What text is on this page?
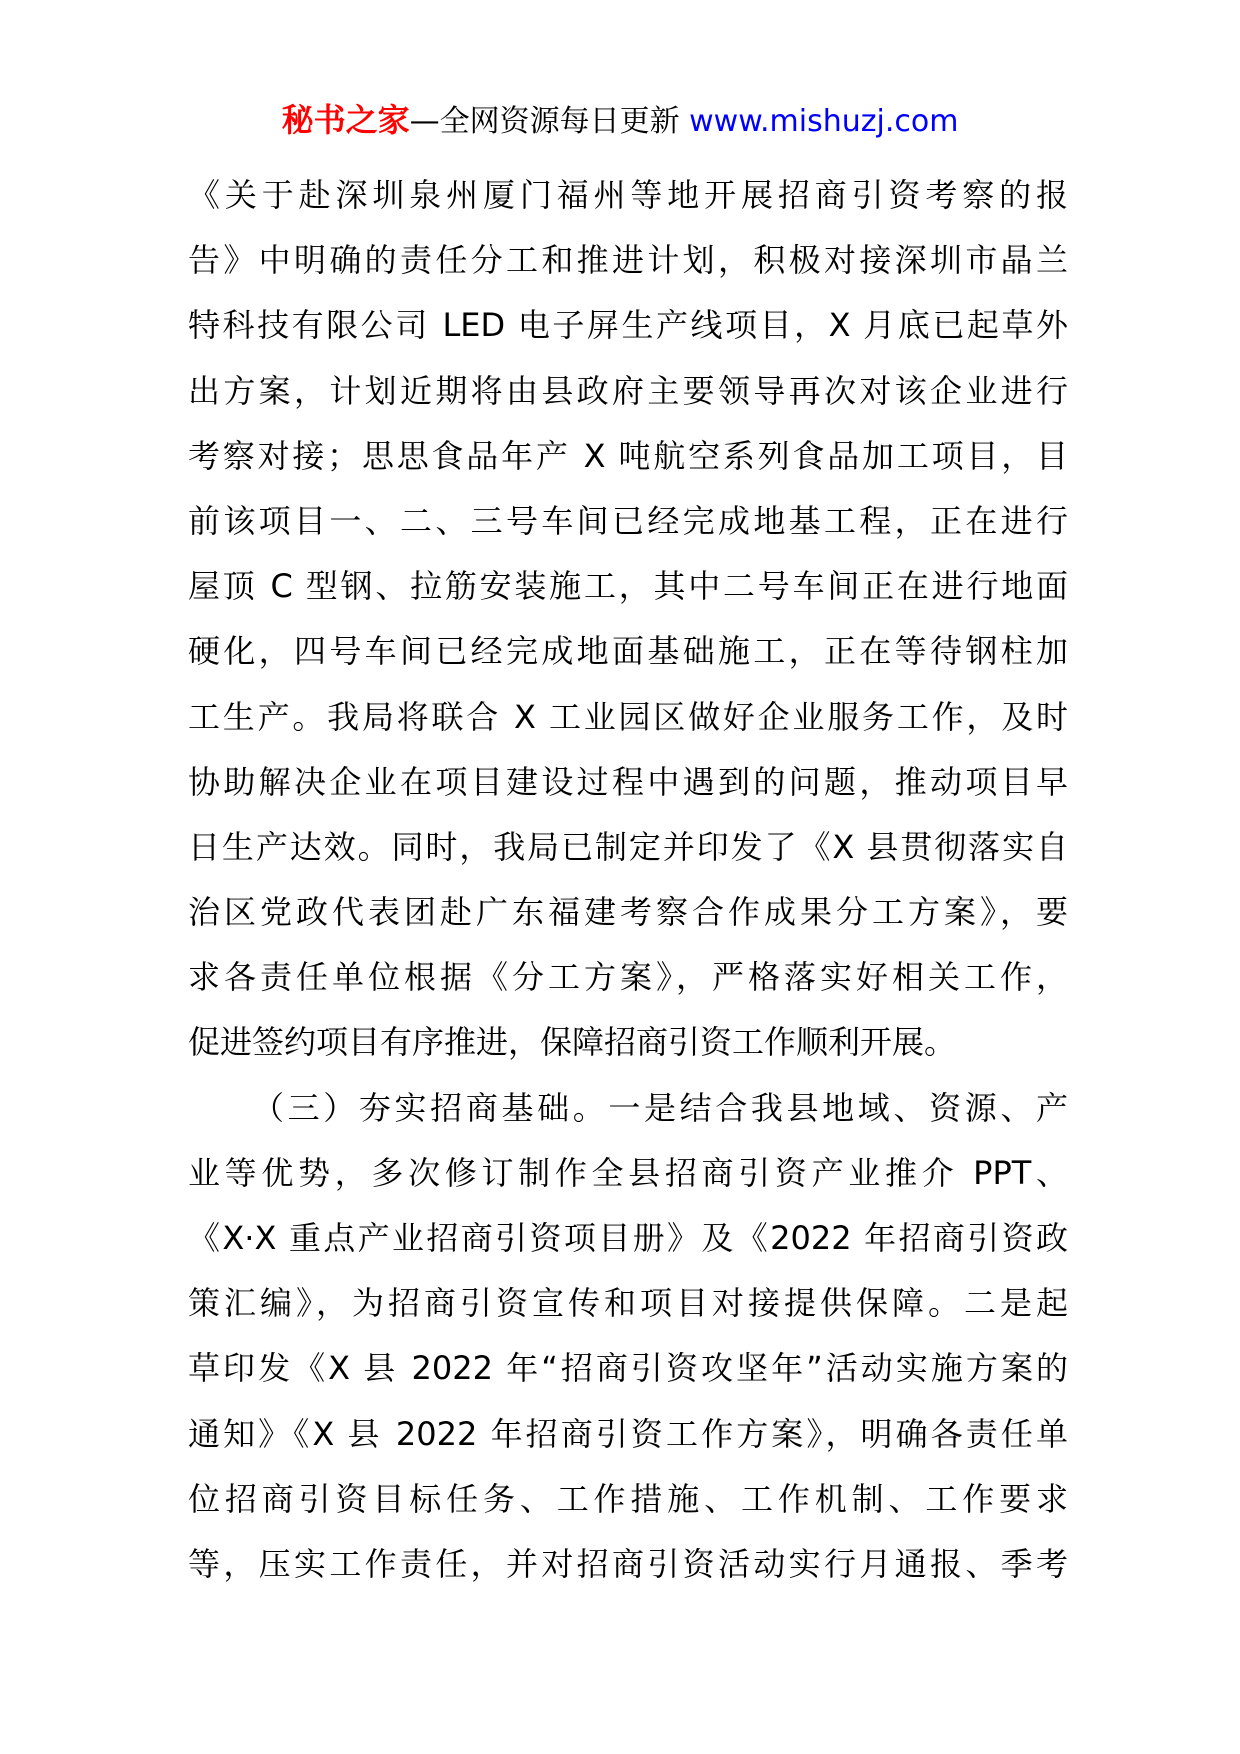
秘书之家—全网资源每日更新 www.mishuzj.com
《关于赴深圳泉州厦门福州等地开展招商引资考察的报
告》中明确的责任分工和推进计划，积极对接深圳市晶兰
特科技有限公司 LED 电子屏生产线项目，X 月底已起草外
出方案，计划近期将由县政府主要领导再次对该企业进行
考察对接；思思食品年产 X 吨航空系列食品加工项目，目
前该项目一、二、三号车间已经完成地基工程，正在进行
屋顶 C 型钢、拉筋安装施工，其中二号车间正在进行地面
硬化，四号车间已经完成地面基础施工，正在等待钢柱加
工生产。我局将联合 X 工业园区做好企业服务工作，及时
协助解决企业在项目建设过程中遇到的问题，推动项目早
日生产达效。同时，我局已制定并印发了《X 县贯彻落实自
治区党政代表团赴广东福建考察合作成果分工方案》，要
求各责任单位根据《分工方案》，严格落实好相关工作，
促进签约项目有序推进，保障招商引资工作顺利开展。
（三）夯实招商基础。一是结合我县地域、资源、产
业等优势，多次修订制作全县招商引资产业推介 PPT、
《X·X 重点产业招商引资项目册》及《2022 年招商引资政
策汇编》，为招商引资宣传和项目对接提供保障。二是起
草印发《X 县 2022 年“招商引资攻坚年”活动实施方案的
通知》《X 县 2022 年招商引资工作方案》，明确各责任单
位招商引资目标任务、工作措施、工作机制、工作要求
等，压实工作责任，并对招商引资活动实行月通报、季考
